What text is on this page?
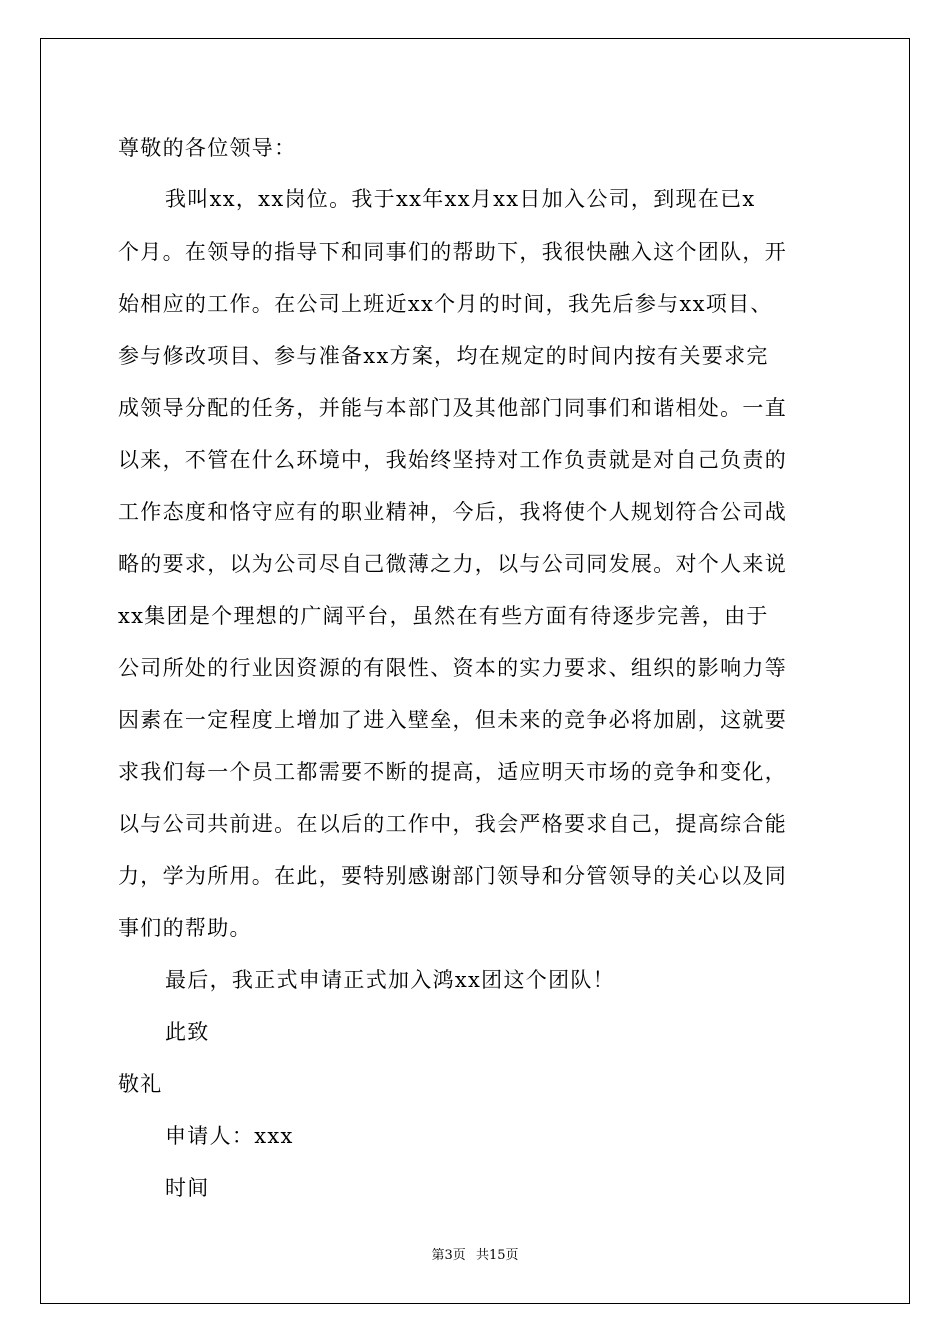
尊敬的各位领导：
我叫xx，xx岗位。我于xx年xx月xx日加入公司，到现在已x
个月。在领导的指导下和同事们的帮助下，我很快融入这个团队，开
始相应的工作。在公司上班近xx个月的时间，我先后参与xx项目、
参与修改项目、参与准备xx方案，均在规定的时间内按有关要求完
成领导分配的任务，并能与本部门及其他部门同事们和谐相处。一直
以来，不管在什么环境中，我始终坚持对工作负责就是对自己负责的
工作态度和恪守应有的职业精神，今后，我将使个人规划符合公司战
略的要求，以为公司尽自己微薄之力，以与公司同发展。对个人来说
xx集团是个理想的广阔平台，虽然在有些方面有待逐步完善，由于
公司所处的行业因资源的有限性、资本的实力要求、组织的影响力等
因素在一定程度上增加了进入壁垒，但未来的竞争必将加剧，这就要
求我们每一个员工都需要不断的提高，适应明天市场的竞争和变化，
以与公司共前进。在以后的工作中，我会严格要求自己，提高综合能
力，学为所用。在此，要特别感谢部门领导和分管领导的关心以及同
事们的帮助。
最后，我正式申请正式加入鸿xx团这个团队！
此致
敬礼
申请人：xxx
时间
第3页 共15页
